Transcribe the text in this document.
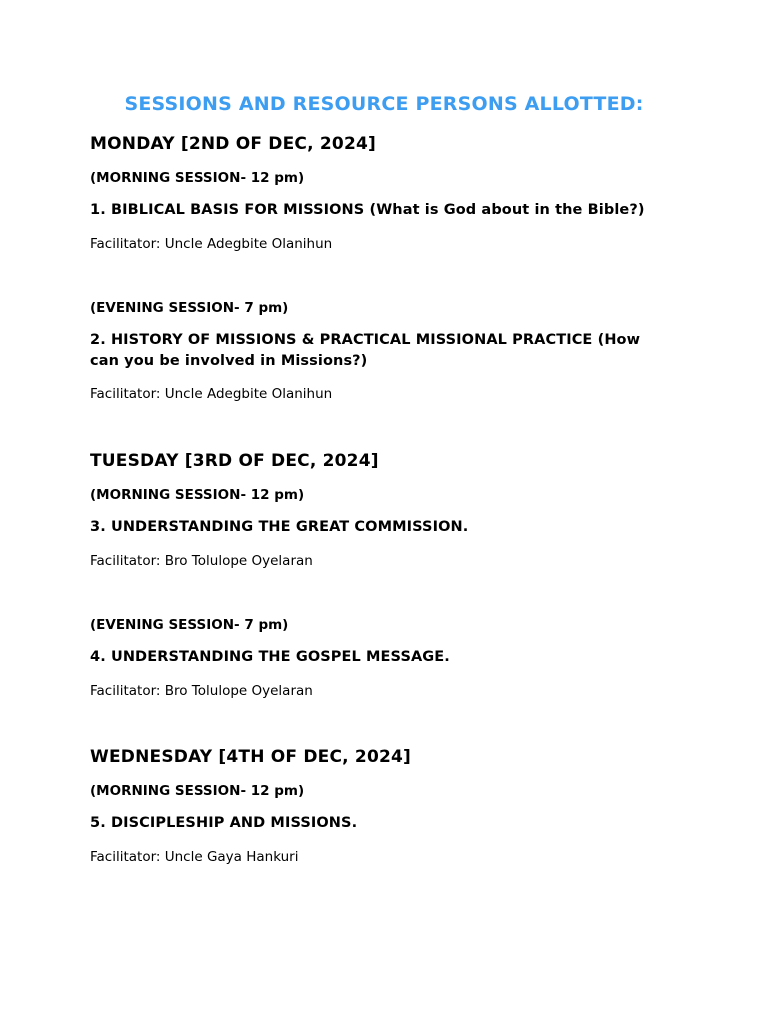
SESSIONS AND RESOURCE PERSONS ALLOTTED:
MONDAY [2ND OF DEC, 2024]
(MORNING SESSION- 12 pm)
1. BIBLICAL BASIS FOR MISSIONS (What is God about in the Bible?)
Facilitator: Uncle Adegbite Olanihun
(EVENING SESSION- 7 pm)
2. HISTORY OF MISSIONS & PRACTICAL MISSIONAL PRACTICE (How can you be involved in Missions?)
Facilitator: Uncle Adegbite Olanihun
TUESDAY [3RD OF DEC, 2024]
(MORNING SESSION- 12 pm)
3. UNDERSTANDING THE GREAT COMMISSION.
Facilitator: Bro Tolulope Oyelaran
(EVENING SESSION- 7 pm)
4. UNDERSTANDING THE GOSPEL MESSAGE.
Facilitator: Bro Tolulope Oyelaran
WEDNESDAY [4TH OF DEC, 2024]
(MORNING SESSION- 12 pm)
5. DISCIPLESHIP AND MISSIONS.
Facilitator: Uncle Gaya Hankuri
